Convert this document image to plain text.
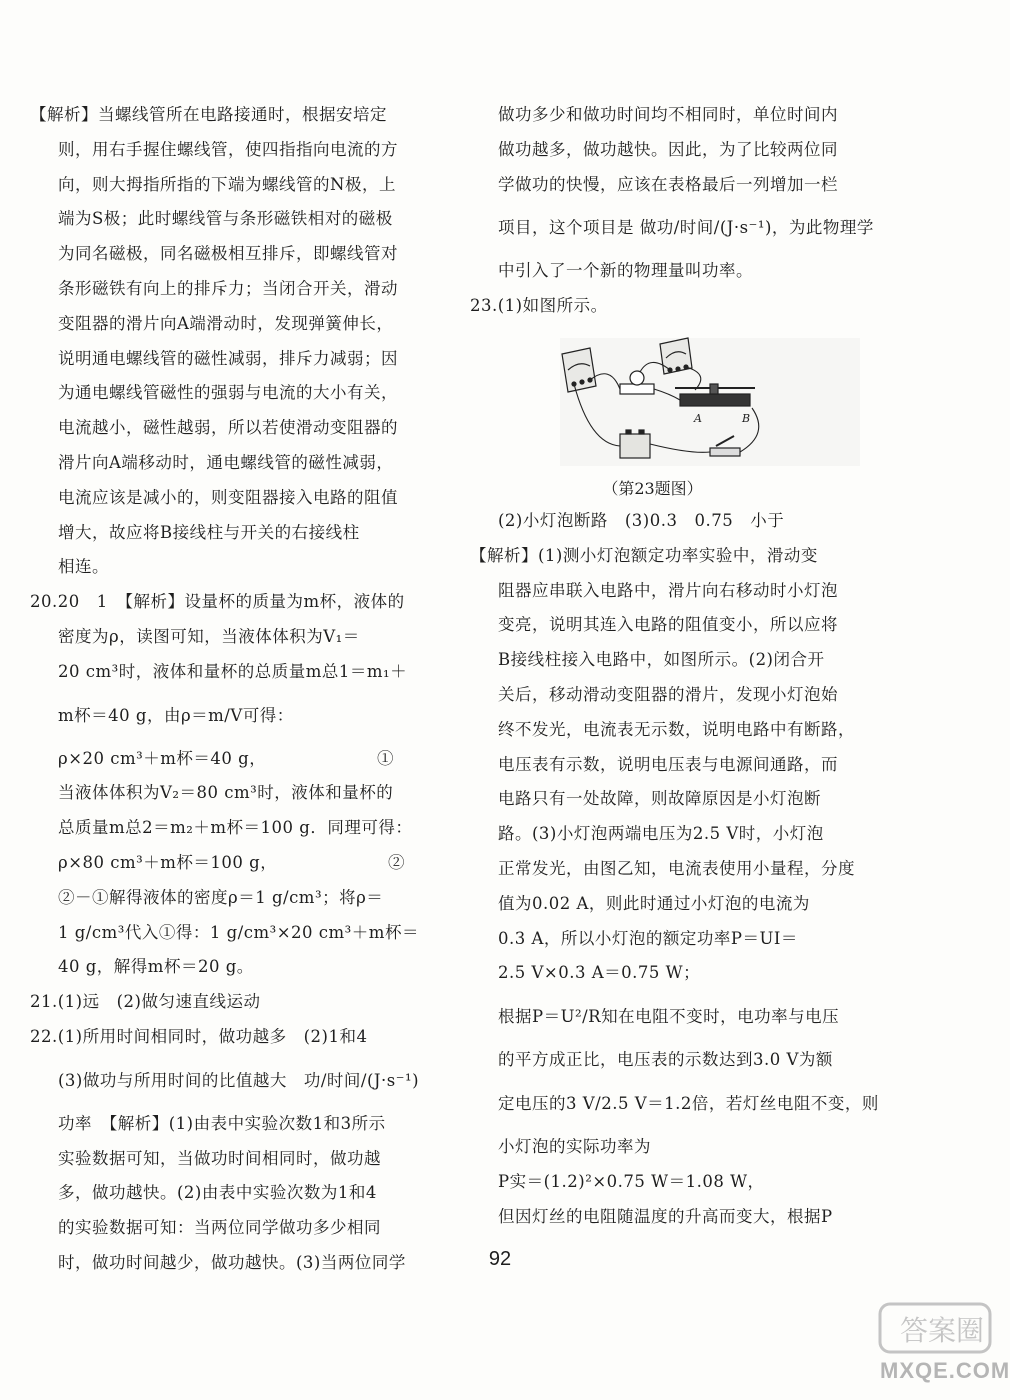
【解析】当螺线管所在电路接通时，根据安培定
则，用右手握住螺线管，使四指指向电流的方
向，则大拇指所指的下端为螺线管的N极，上
端为S极；此时螺线管与条形磁铁相对的磁极
为同名磁极，同名磁极相互排斥，即螺线管对
条形磁铁有向上的排斥力；当闭合开关，滑动
变阻器的滑片向A端滑动时，发现弹簧伸长，
说明通电螺线管的磁性减弱，排斥力减弱；因
为通电螺线管磁性的强弱与电流的大小有关，
电流越小，磁性越弱，所以若使滑动变阻器的
滑片向A端移动时，通电螺线管的磁性减弱，
电流应该是减小的，则变阻器接入电路的阻值
增大，故应将B接线柱与开关的右接线柱
相连。
20.20　1　【解析】设量杯的质量为m杯，液体的
密度为ρ，读图可知，当液体体积为V₁＝
20 cm³时，液体和量杯的总质量m总1＝m₁＋
m杯＝40 g，由ρ＝m/V可得：
ρ×20 cm³＋m杯＝40 g，　　　　　　　①
当液体体积为V₂＝80 cm³时，液体和量杯的
总质量m总2＝m₂＋m杯＝100 g．同理可得：
ρ×80 cm³＋m杯＝100 g，　　　　　　　②
②－①解得液体的密度ρ＝1 g/cm³；将ρ＝
1 g/cm³代入①得：1 g/cm³×20 cm³＋m杯＝
40 g，解得m杯＝20 g。
21.(1)远　(2)做匀速直线运动
22.(1)所用时间相同时，做功越多　(2)1和4
(3)做功与所用时间的比值越大　功/时间/(J·s⁻¹)
功率　【解析】(1)由表中实验次数1和3所示
实验数据可知，当做功时间相同时，做功越
多，做功越快。(2)由表中实验次数为1和4
的实验数据可知：当两位同学做功多少相同
时，做功时间越少，做功越快。(3)当两位同学
做功多少和做功时间均不相同时，单位时间内
做功越多，做功越快。因此，为了比较两位同
学做功的快慢，应该在表格最后一列增加一栏
项目，这个项目是 做功/时间/(J·s⁻¹)，为此物理学
中引入了一个新的物理量叫功率。
23.(1)如图所示。
A	B
（第23题图）
(2)小灯泡断路　(3)0.3　0.75　小于
【解析】(1)测小灯泡额定功率实验中，滑动变
阻器应串联入电路中，滑片向右移动时小灯泡
变亮，说明其连入电路的阻值变小，所以应将
B接线柱接入电路中，如图所示。(2)闭合开
关后，移动滑动变阻器的滑片，发现小灯泡始
终不发光，电流表无示数，说明电路中有断路，
电压表有示数，说明电压表与电源间通路，而
电路只有一处故障，则故障原因是小灯泡断
路。(3)小灯泡两端电压为2.5 V时，小灯泡
正常发光，由图乙知，电流表使用小量程，分度
值为0.02 A，则此时通过小灯泡的电流为
0.3 A，所以小灯泡的额定功率P＝UI＝
2.5 V×0.3 A＝0.75 W；
根据P＝U²/R知在电阻不变时，电功率与电压
的平方成正比，电压表的示数达到3.0 V为额
定电压的3 V/2.5 V＝1.2倍，若灯丝电阻不变，则
小灯泡的实际功率为
P实＝(1.2)²×0.75 W＝1.08 W，
但因灯丝的电阻随温度的升高而变大，根据P
92
答案圈
MXQE.COM
